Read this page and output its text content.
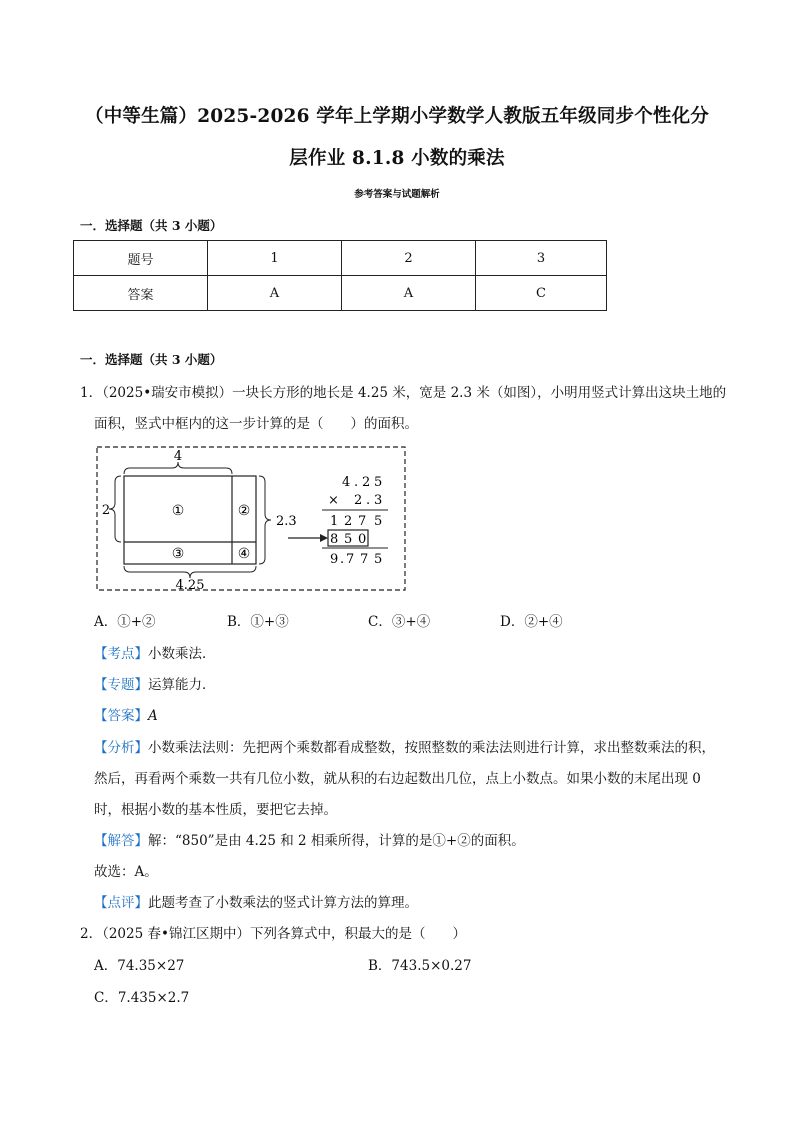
（中等生篇）2025-2026 学年上学期小学数学人教版五年级同步个性化分
层作业 8.1.8 小数的乘法
参考答案与试题解析
一．选择题（共 3 小题）
题号	1	2	3
答案	A	A	C
一．选择题（共 3 小题）
1．（2025•瑞安市模拟）一块长方形的地长是 4.25 米，宽是 2.3 米（如图），小明用竖式计算出这块土地的
面积，竖式中框内的这一步计算的是（　　）的面积。
4
2
2.3
4.25
①	②
③	④
4 . 2 5
× 2 . 3
1 2 7 5
8 5 0
9 . 7 7 5
A．①+②	B．①+③	C．③+④	D．②+④
【考点】小数乘法．
【专题】运算能力．
【答案】A
【分析】小数乘法法则：先把两个乘数都看成整数，按照整数的乘法法则进行计算，求出整数乘法的积，
然后，再看两个乘数一共有几位小数，就从积的右边起数出几位，点上小数点。如果小数的末尾出现 0
时，根据小数的基本性质，要把它去掉。
【解答】解：“850”是由 4.25 和 2 相乘所得，计算的是①+②的面积。
故选：A。
【点评】此题考查了小数乘法的竖式计算方法的算理。
2．（2025 春•锦江区期中）下列各算式中，积最大的是（　　）
A．74.35×27	B．743.5×0.27
C．7.435×2.7
